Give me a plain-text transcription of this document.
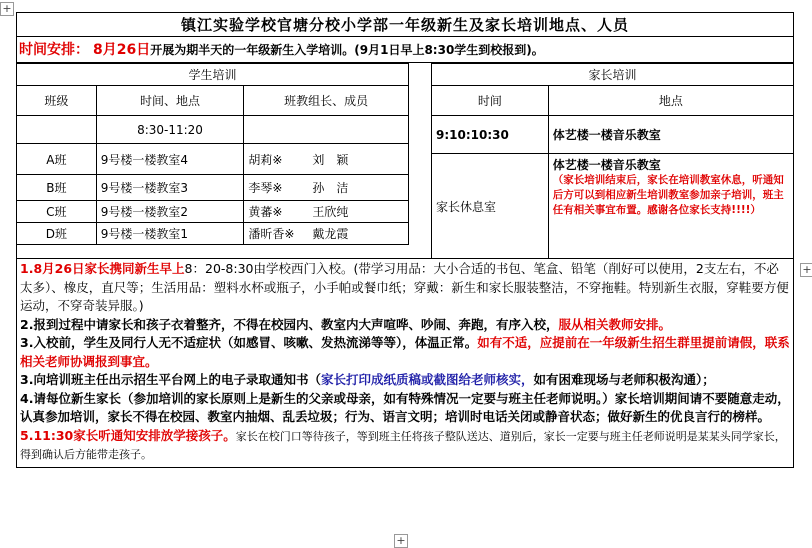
镇江实验学校官塘分校小学部一年级新生及家长培训地点、人员
时间安排： 8月26日开展为期半天的一年级新生入学培训。(9月1日早上8:30学生到校报到)。
学生培训		
班级	时间、地点	班教组长、成员
	8:30-11:20	
A班	9号楼一楼教室4	胡莉※ 刘　颖
B班	9号楼一楼教室3	李琴※ 孙　洁
C班	9号楼一楼教室2	黄蕃※ 王欣纯
D班	9号楼一楼教室1	潘昕香※ 戴龙霞
家长培训	
时间	地点
9:10:10:30	体艺楼一楼音乐教室
家长休息室	体艺楼一楼音乐教室
（家长培训结束后，家长在培训教室休息，听通知后方可以到相应新生培训教室参加亲子培训，班主任有相关事宜布置。感谢各位家长支持!!!!）

1.8月26日家长携同新生早上8：20-8:30由学校西门入校。(带学习用品：大小合适的书包、笔盒、铅笔（削好可以使用，2支左右，不必太多）、橡皮，直尺等；生活用品：塑料水杯或瓶子，小手帕或餐巾纸；穿戴：新生和家长服装整洁，不穿拖鞋。特别新生衣服，穿鞋要方便运动，不穿奇装异服。)

2.报到过程中请家长和孩子衣着整齐，不得在校园内、教室内大声喧哗、吵闹、奔跑，有序入校，服从相关教师安排。

3.入校前，学生及同行人无不适症状（如感冒、咳嗽、发热流涕等等），体温正常。如有不适，应提前在一年级新生招生群里提前请假，联系相关老师协调报到事宜。

3.向培训班主任出示招生平台网上的电子录取通知书（家长打印成纸质稿或截图给老师核实，如有困难现场与老师积极沟通）；

4.请每位新生家长（参加培训的家长原则上是新生的父亲或母亲，如有特殊情况一定要与班主任老师说明。）家长培训期间请不要随意走动，认真参加培训，家长不得在校园、教室内抽烟、乱丢垃圾；行为、语言文明；培训时电话关闭或静音状态；做好新生的优良言行的榜样。

5.11:30家长听通知安排放学接孩子。家长在校门口等待孩子，等到班主任将孩子整队送达、道别后，家长一定要与班主任老师说明是某某头同学家长，得到确认后方能带走孩子。

+
+
+
